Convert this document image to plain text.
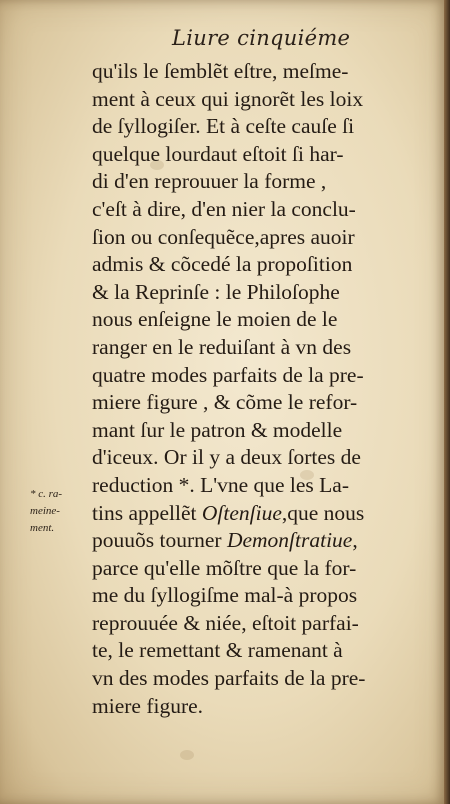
Liure cinquiéme
* c. ra-
meine-
ment.
qu'ils le ſemblẽt eſtre, meſme-
ment à ceux qui ignorẽt les loix
de ſyllogiſer. Et à ceſte cauſe ſi
quelque lourdaut eſtoit ſi har-
di d'en reprouuer la forme ,
c'eſt à dire, d'en nier la conclu-
ſion ou conſequẽce,apres auoir
admis & cõcedé la propoſition
& la Reprinſe : le Philoſophe
nous enſeigne le moien de le
ranger en le reduiſant à vn des
quatre modes parfaits de la pre-
miere figure , & cõme le refor-
mant ſur le patron & modelle
d'iceux. Or il y a deux ſortes de
reduction *. L'vne que les La-
tins appellẽt Oſtenſiue,que nous
pouuõs tourner Demonſtratiue,
parce qu'elle mõſtre que la for-
me du ſyllogiſme mal-à propos
reprouuée & niée, eſtoit parfai-
te, le remettant & ramenant à
vn des modes parfaits de la pre-
miere figure.
